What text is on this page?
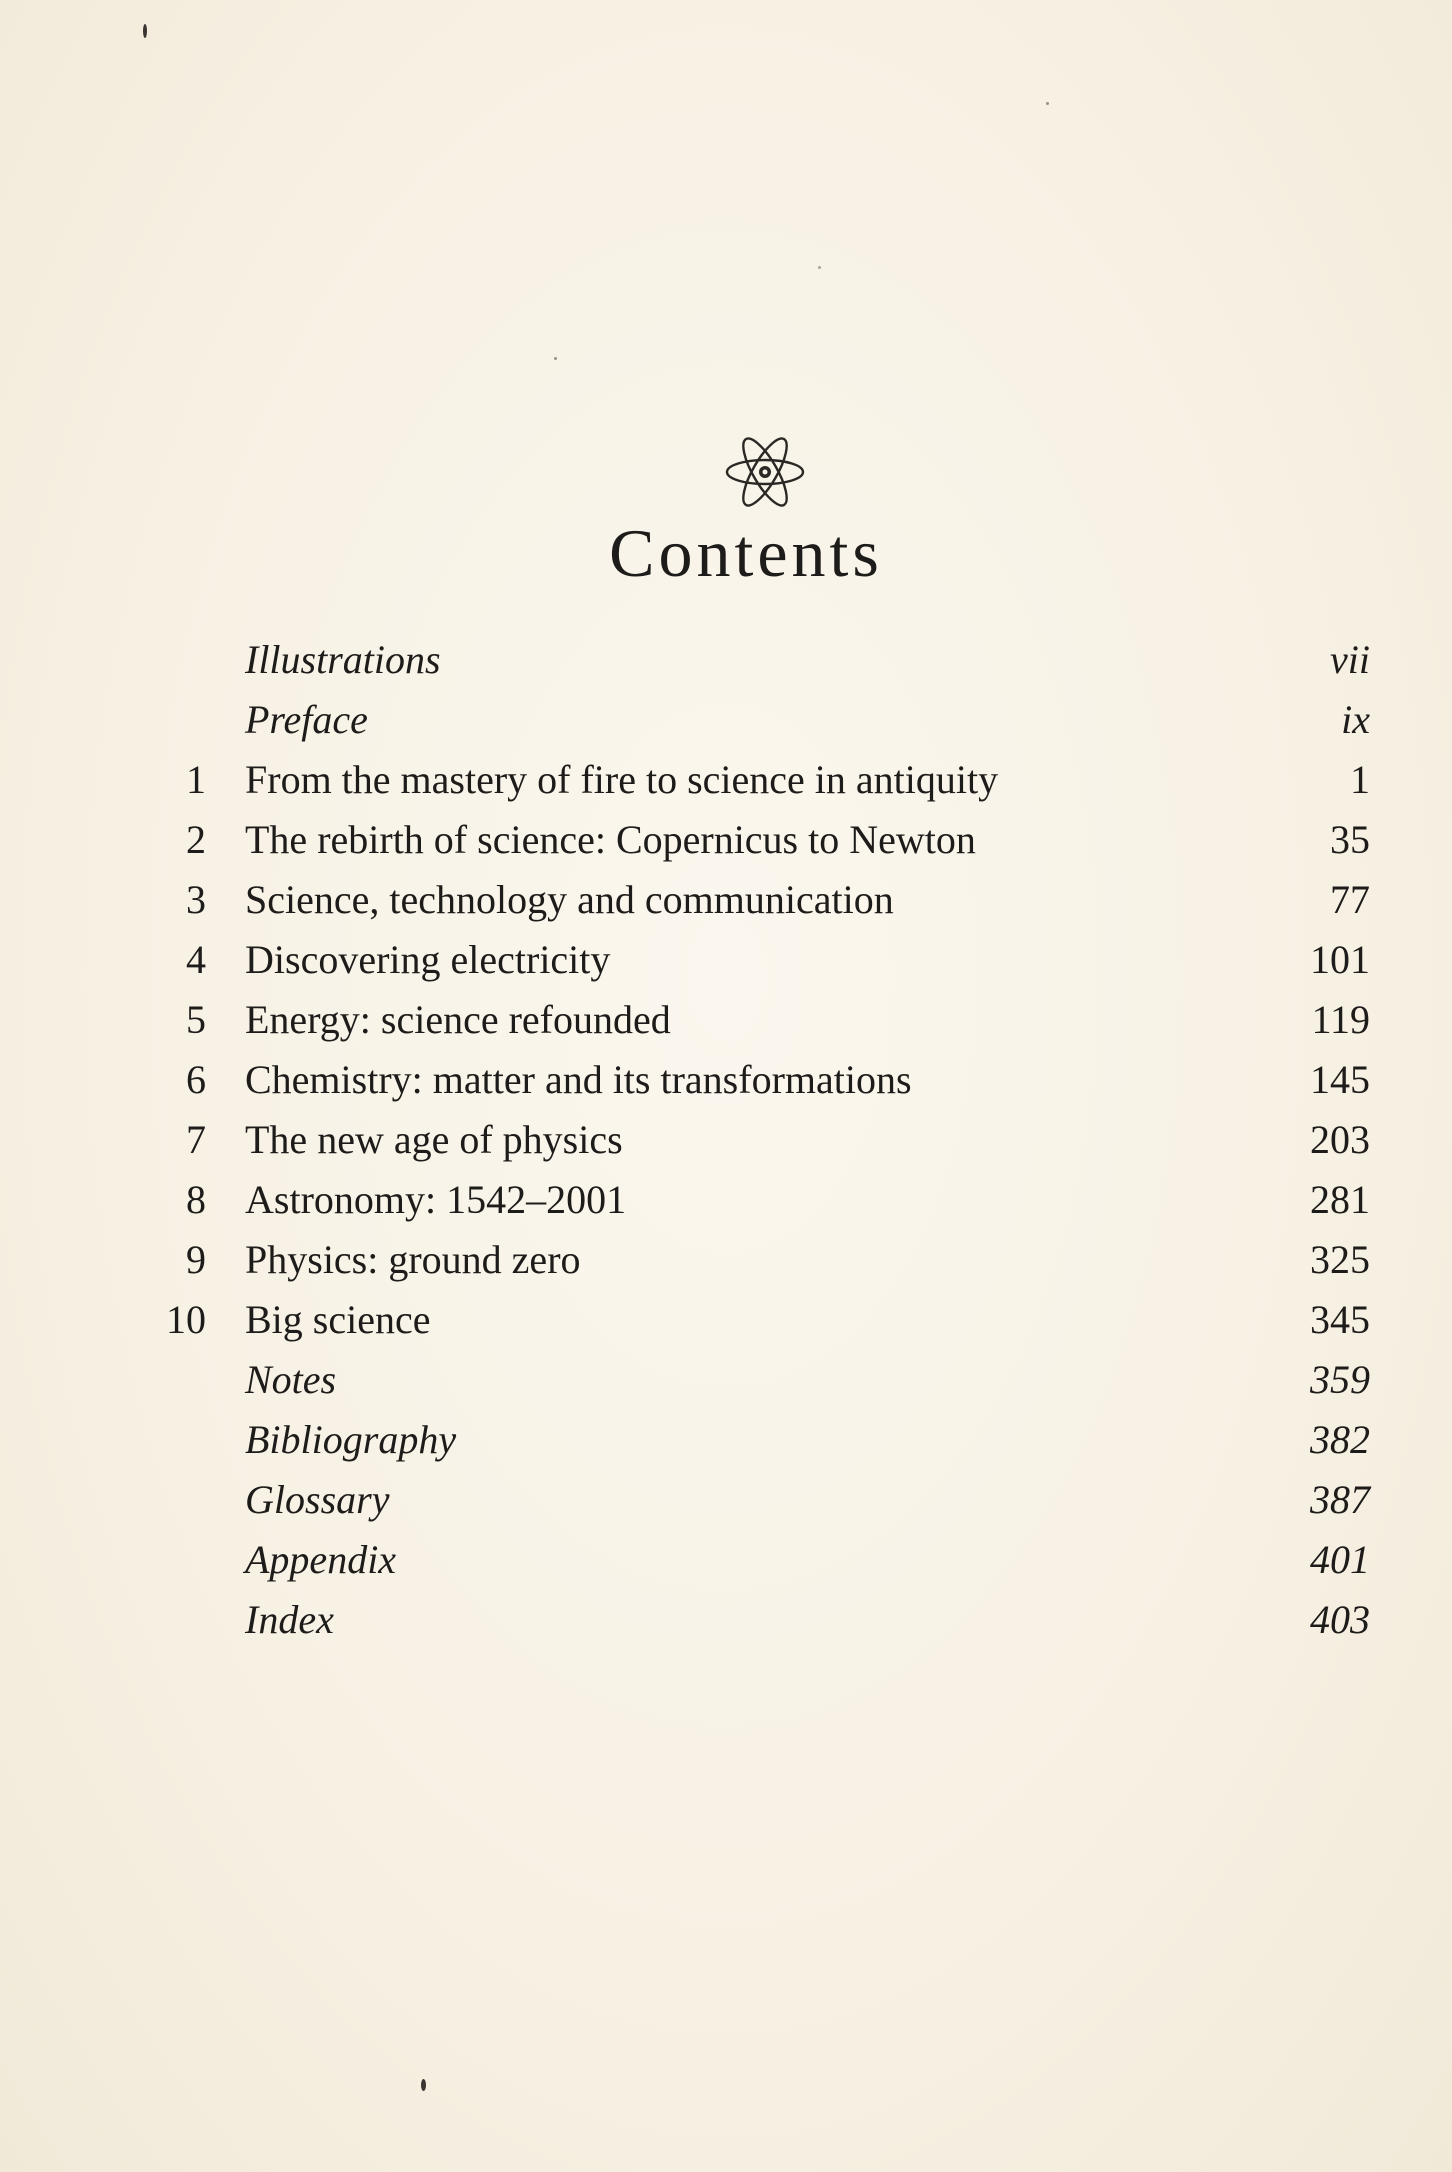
Contents
Illustrations	vii
Preface	ix
1 From the mastery of fire to science in antiquity	1
2 The rebirth of science: Copernicus to Newton	35
3 Science, technology and communication	77
4 Discovering electricity	101
5 Energy: science refounded	119
6 Chemistry: matter and its transformations	145
7 The new age of physics	203
8 Astronomy: 1542–2001	281
9 Physics: ground zero	325
10 Big science	345
Notes	359
Bibliography	382
Glossary	387
Appendix	401
Index	403
